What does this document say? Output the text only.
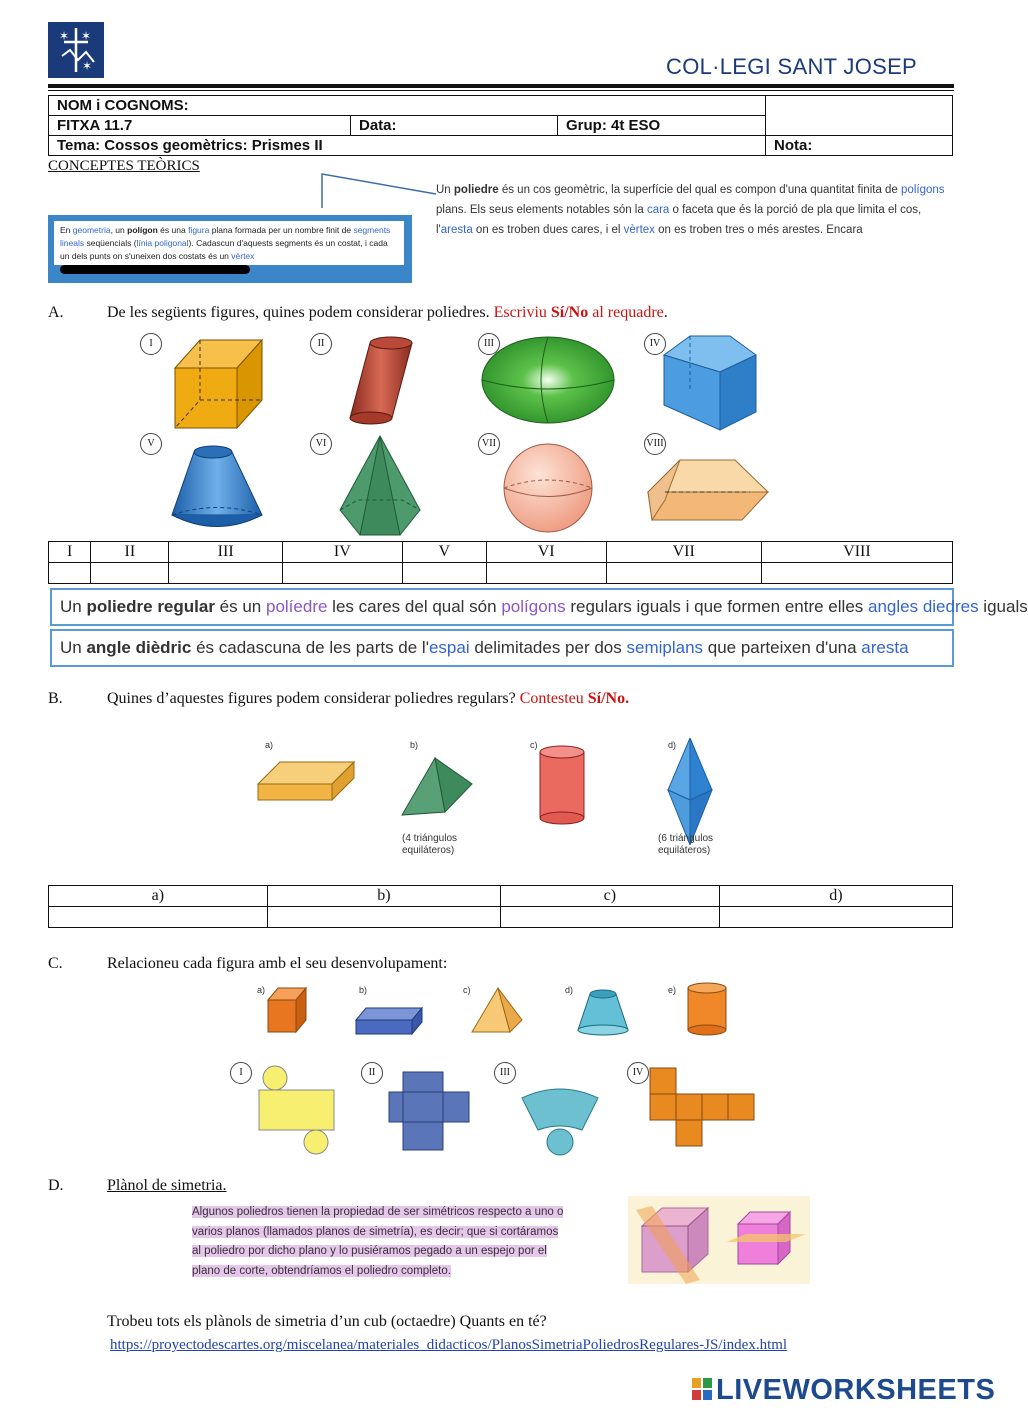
✶ ✶
✶	COL·LEGI SANT JOSEP
NOM i COGNOMS:			
FITXA 11.7	Data:	Grup: 4t ESO	
Tema: Cossos geomètrics: Prismes II			Nota:
CONCEPTES TEÒRICS
En geometria, un polígon és una figura plana formada per un nombre finit de segments lineals seqüencials (línia poligonal). Cadascun d'aquests segments és un costat, i cada un dels punts on s'uneixen dos costats és un vèrtex
Un poliedre és un cos geomètric, la superfície del qual es compon d'una quantitat finita de polígons plans. Els seus elements notables són la cara o faceta que és la porció de pla que limita el cos, l'aresta on es troben dues cares, i el vèrtex on es troben tres o més arestes. Encara
A.	De les següents figures, quines podem considerar poliedres. Escriviu Sí/No al requadre.
I	II	III	IV
V	VI	VII	VIII
I	II	III	IV	V	VI	VII	VIII

Un poliedre regular és un políedre les cares del qual són polígons regulars iguals i que formen entre elles angles diedres iguals
Un angle dièdric és cadascuna de les parts de l'espai delimitades per dos semiplans que parteixen d'una aresta
B.	Quines d’aquestes figures podem considerar poliedres regulars? Contesteu Sí/No.
a)	b)	c)	d)
(4 triángulos
equiláteros)
(6 triángulos
equiláteros)
a)	b)	c)	d)

C.	Relacioneu cada figura amb el seu desenvolupament:
a)	b)	c)	d)	e)
I	II	III	IV
D.	Plànol de simetria.
Algunos poliedros tienen la propiedad de ser simétricos respecto a uno o
varios planos (llamados planos de simetría), es decir; que si cortáramos
al poliedro por dicho plano y lo pusiéramos pegado a un espejo por el
plano de corte, obtendríamos el poliedro completo.
Trobeu tots els plànols de simetria d’un cub (octaedre) Quants en té?
https://proyectodescartes.org/miscelanea/materiales_didacticos/PlanosSimetriaPoliedrosRegulares-JS/index.html
LIVEWORKSHEETS
